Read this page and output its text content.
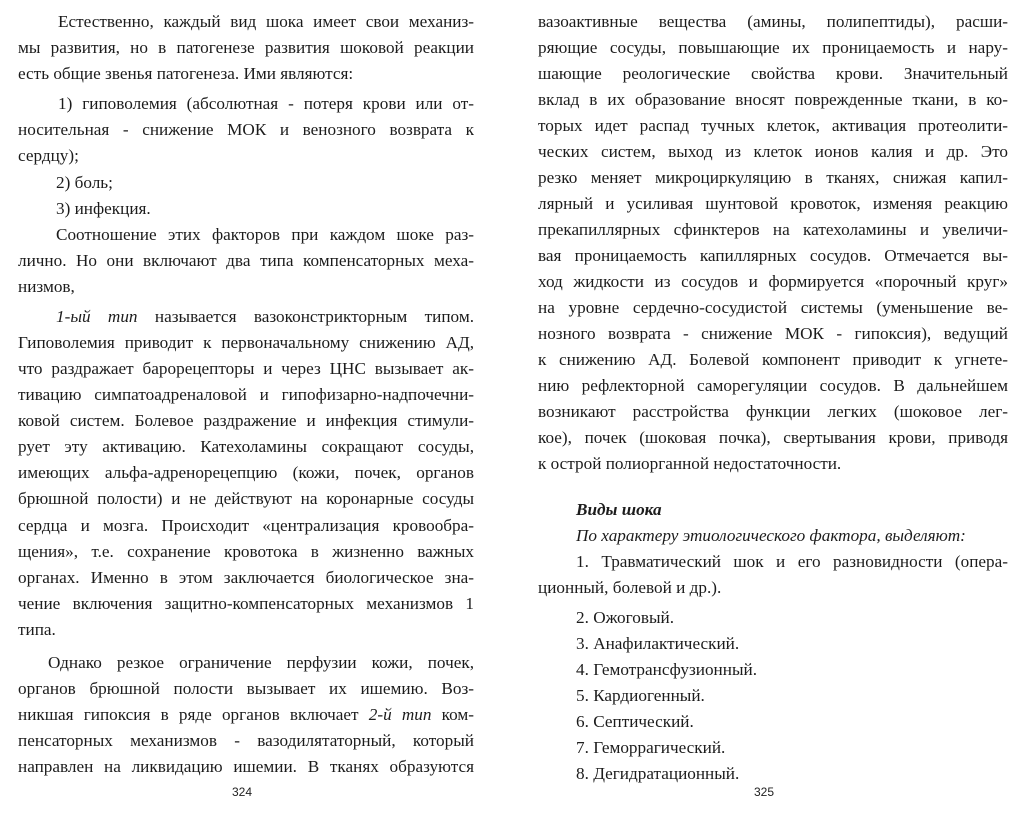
Естественно, каждый вид шока имеет свои механиз-
мы развития, но в патогенезе развития шоковой реакции
есть общие звенья патогенеза. Ими являются:
1) гиповолемия (абсолютная - потеря крови или от-
носительная - снижение МОК и венозного возврата к
сердцу);
2) боль;
3) инфекция.
Соотношение этих факторов при каждом шоке раз-
лично. Но они включают два типа компенсаторных меха-
низмов,
1-ый тип называется вазоконстрикторным типом.
Гиповолемия приводит к первоначальному снижению АД,
что раздражает барорецепторы и через ЦНС вызывает ак-
тивацию симпатоадреналовой и гипофизарно-надпочечни-
ковой систем. Болевое раздражение и инфекция стимули-
рует эту активацию. Катехоламины сокращают сосуды,
имеющих альфа-адренорецепцию (кожи, почек, органов
брюшной полости) и не действуют на коронарные сосуды
сердца и мозга. Происходит «централизация кровообра-
щения», т.е. сохранение кровотока в жизненно важных
органах. Именно в этом заключается биологическое зна-
чение включения защитно-компенсаторных механизмов 1
типа.
Однако резкое ограничение перфузии кожи, почек,
органов брюшной полости вызывает их ишемию. Воз-
никшая гипоксия в ряде органов включает 2-й тип ком-
пенсаторных механизмов - вазодилятаторный, который
направлен на ликвидацию ишемии. В тканях образуются
324
вазоактивные вещества (амины, полипептиды), расши-
ряющие сосуды, повышающие их проницаемость и нару-
шающие реологические свойства крови. Значительный
вклад в их образование вносят поврежденные ткани, в ко-
торых идет распад тучных клеток, активация протеолити-
ческих систем, выход из клеток ионов калия и др. Это
резко меняет микроциркуляцию в тканях, снижая капил-
лярный и усиливая шунтовой кровоток, изменяя реакцию
прекапиллярных сфинктеров на катехоламины и увеличи-
вая проницаемость капиллярных сосудов. Отмечается вы-
ход жидкости из сосудов и формируется «порочный круг»
на уровне сердечно-сосудистой системы (уменьшение ве-
нозного возврата - снижение МОК - гипоксия), ведущий
к снижению АД. Болевой компонент приводит к угнете-
нию рефлекторной саморегуляции сосудов. В дальнейшем
возникают расстройства функции легких (шоковое лег-
кое), почек (шоковая почка), свертывания крови, приводя
к острой полиорганной недостаточности.
Виды шока
По характеру этиологического фактора, выделяют:
1. Травматический шок и его разновидности (опера-
ционный, болевой и др.).
2. Ожоговый.
3. Анафилактический.
4. Гемотрансфузионный.
5. Кардиогенный.
6. Септический.
7. Геморрагический.
8. Дегидратационный.
325
